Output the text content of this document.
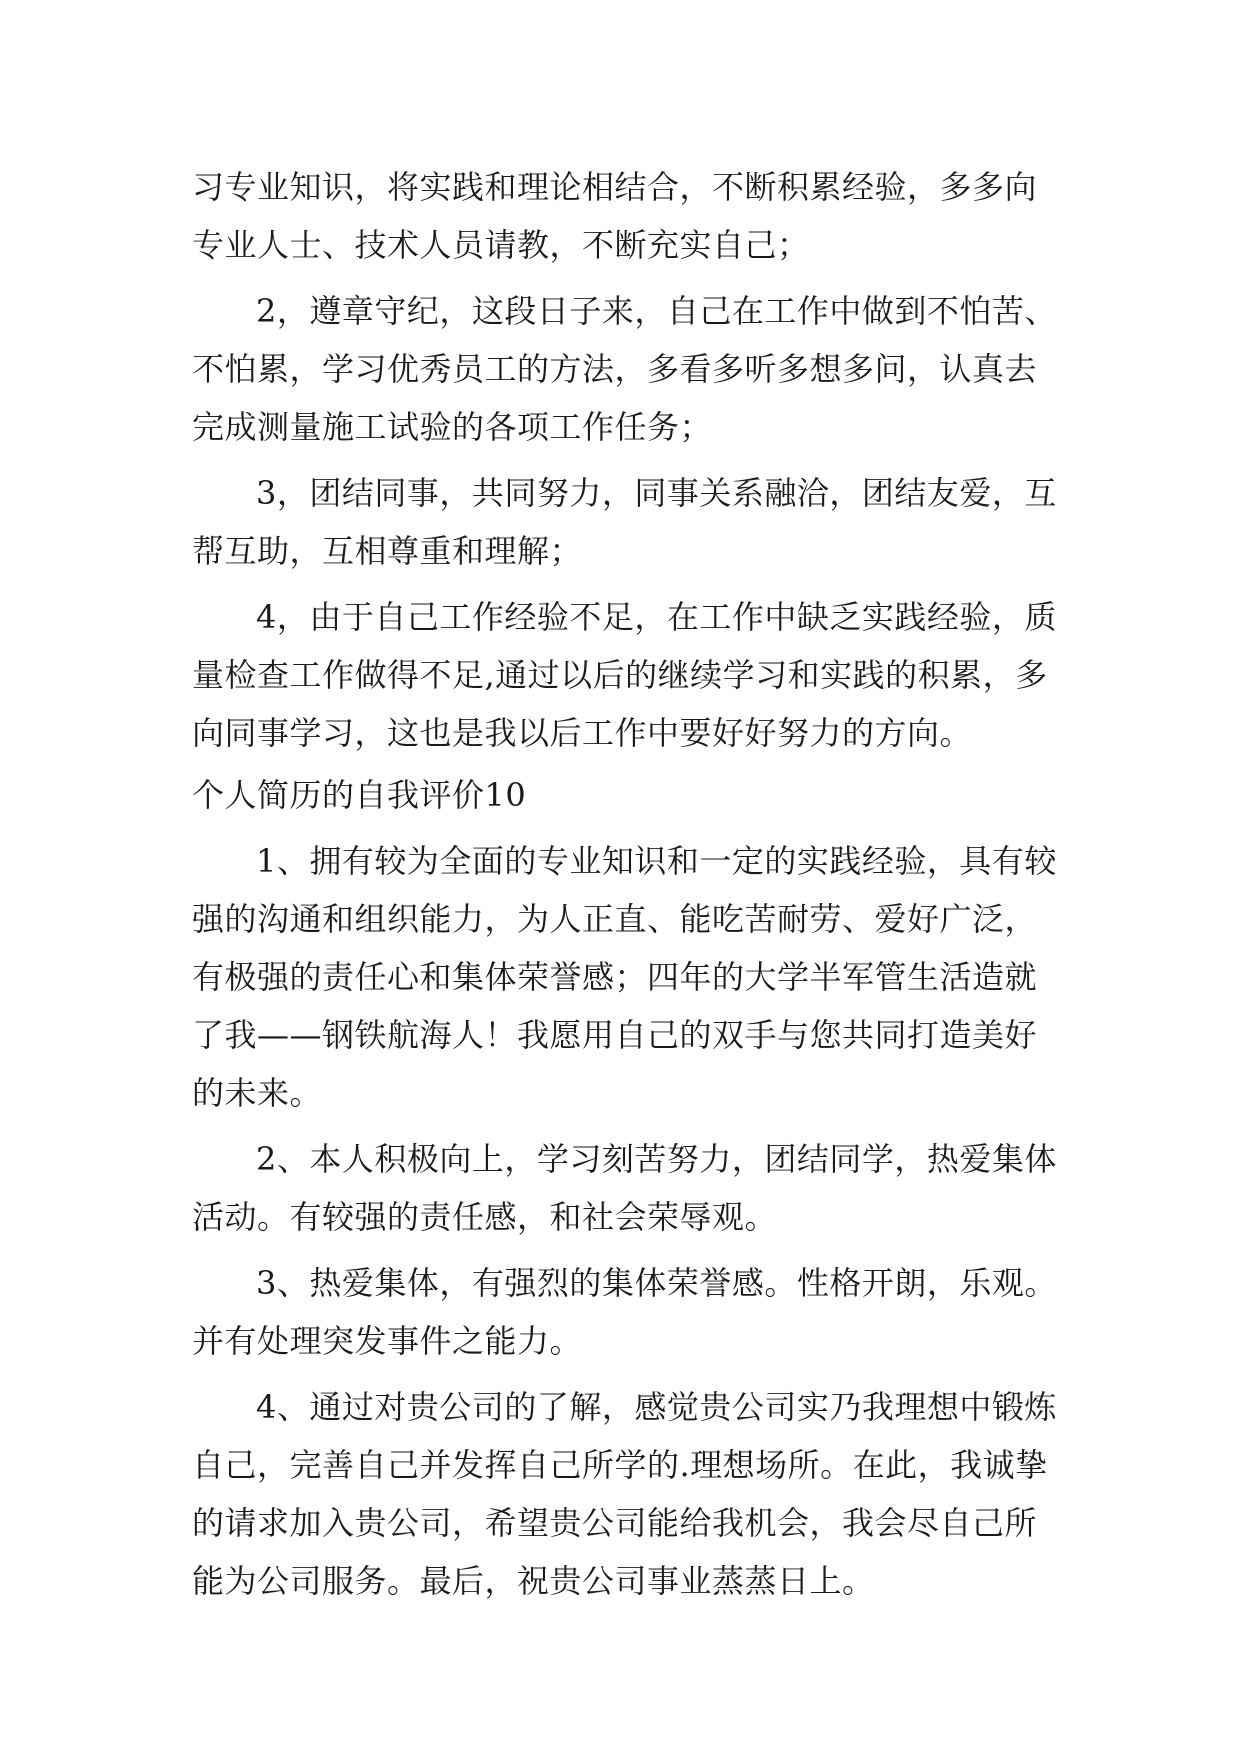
习专业知识，将实践和理论相结合，不断积累经验，多多向专业人士、技术人员请教，不断充实自己；

2，遵章守纪，这段日子来，自己在工作中做到不怕苦、不怕累，学习优秀员工的方法，多看多听多想多问，认真去完成测量施工试验的各项工作任务；

3，团结同事，共同努力，同事关系融洽，团结友爱，互帮互助，互相尊重和理解；

4，由于自己工作经验不足，在工作中缺乏实践经验，质量检查工作做得不足,通过以后的继续学习和实践的积累，多向同事学习，这也是我以后工作中要好好努力的方向。

个人简历的自我评价10

1、拥有较为全面的专业知识和一定的实践经验，具有较强的沟通和组织能力，为人正直、能吃苦耐劳、爱好广泛，有极强的责任心和集体荣誉感；四年的大学半军管生活造就了我——钢铁航海人！我愿用自己的双手与您共同打造美好的未来。

2、本人积极向上，学习刻苦努力，团结同学，热爱集体活动。有较强的责任感，和社会荣辱观。

3、热爱集体，有强烈的集体荣誉感。性格开朗，乐观。并有处理突发事件之能力。

4、通过对贵公司的了解，感觉贵公司实乃我理想中锻炼自己，完善自己并发挥自己所学的.理想场所。在此，我诚挚的请求加入贵公司，希望贵公司能给我机会，我会尽自己所能为公司服务。最后，祝贵公司事业蒸蒸日上。
